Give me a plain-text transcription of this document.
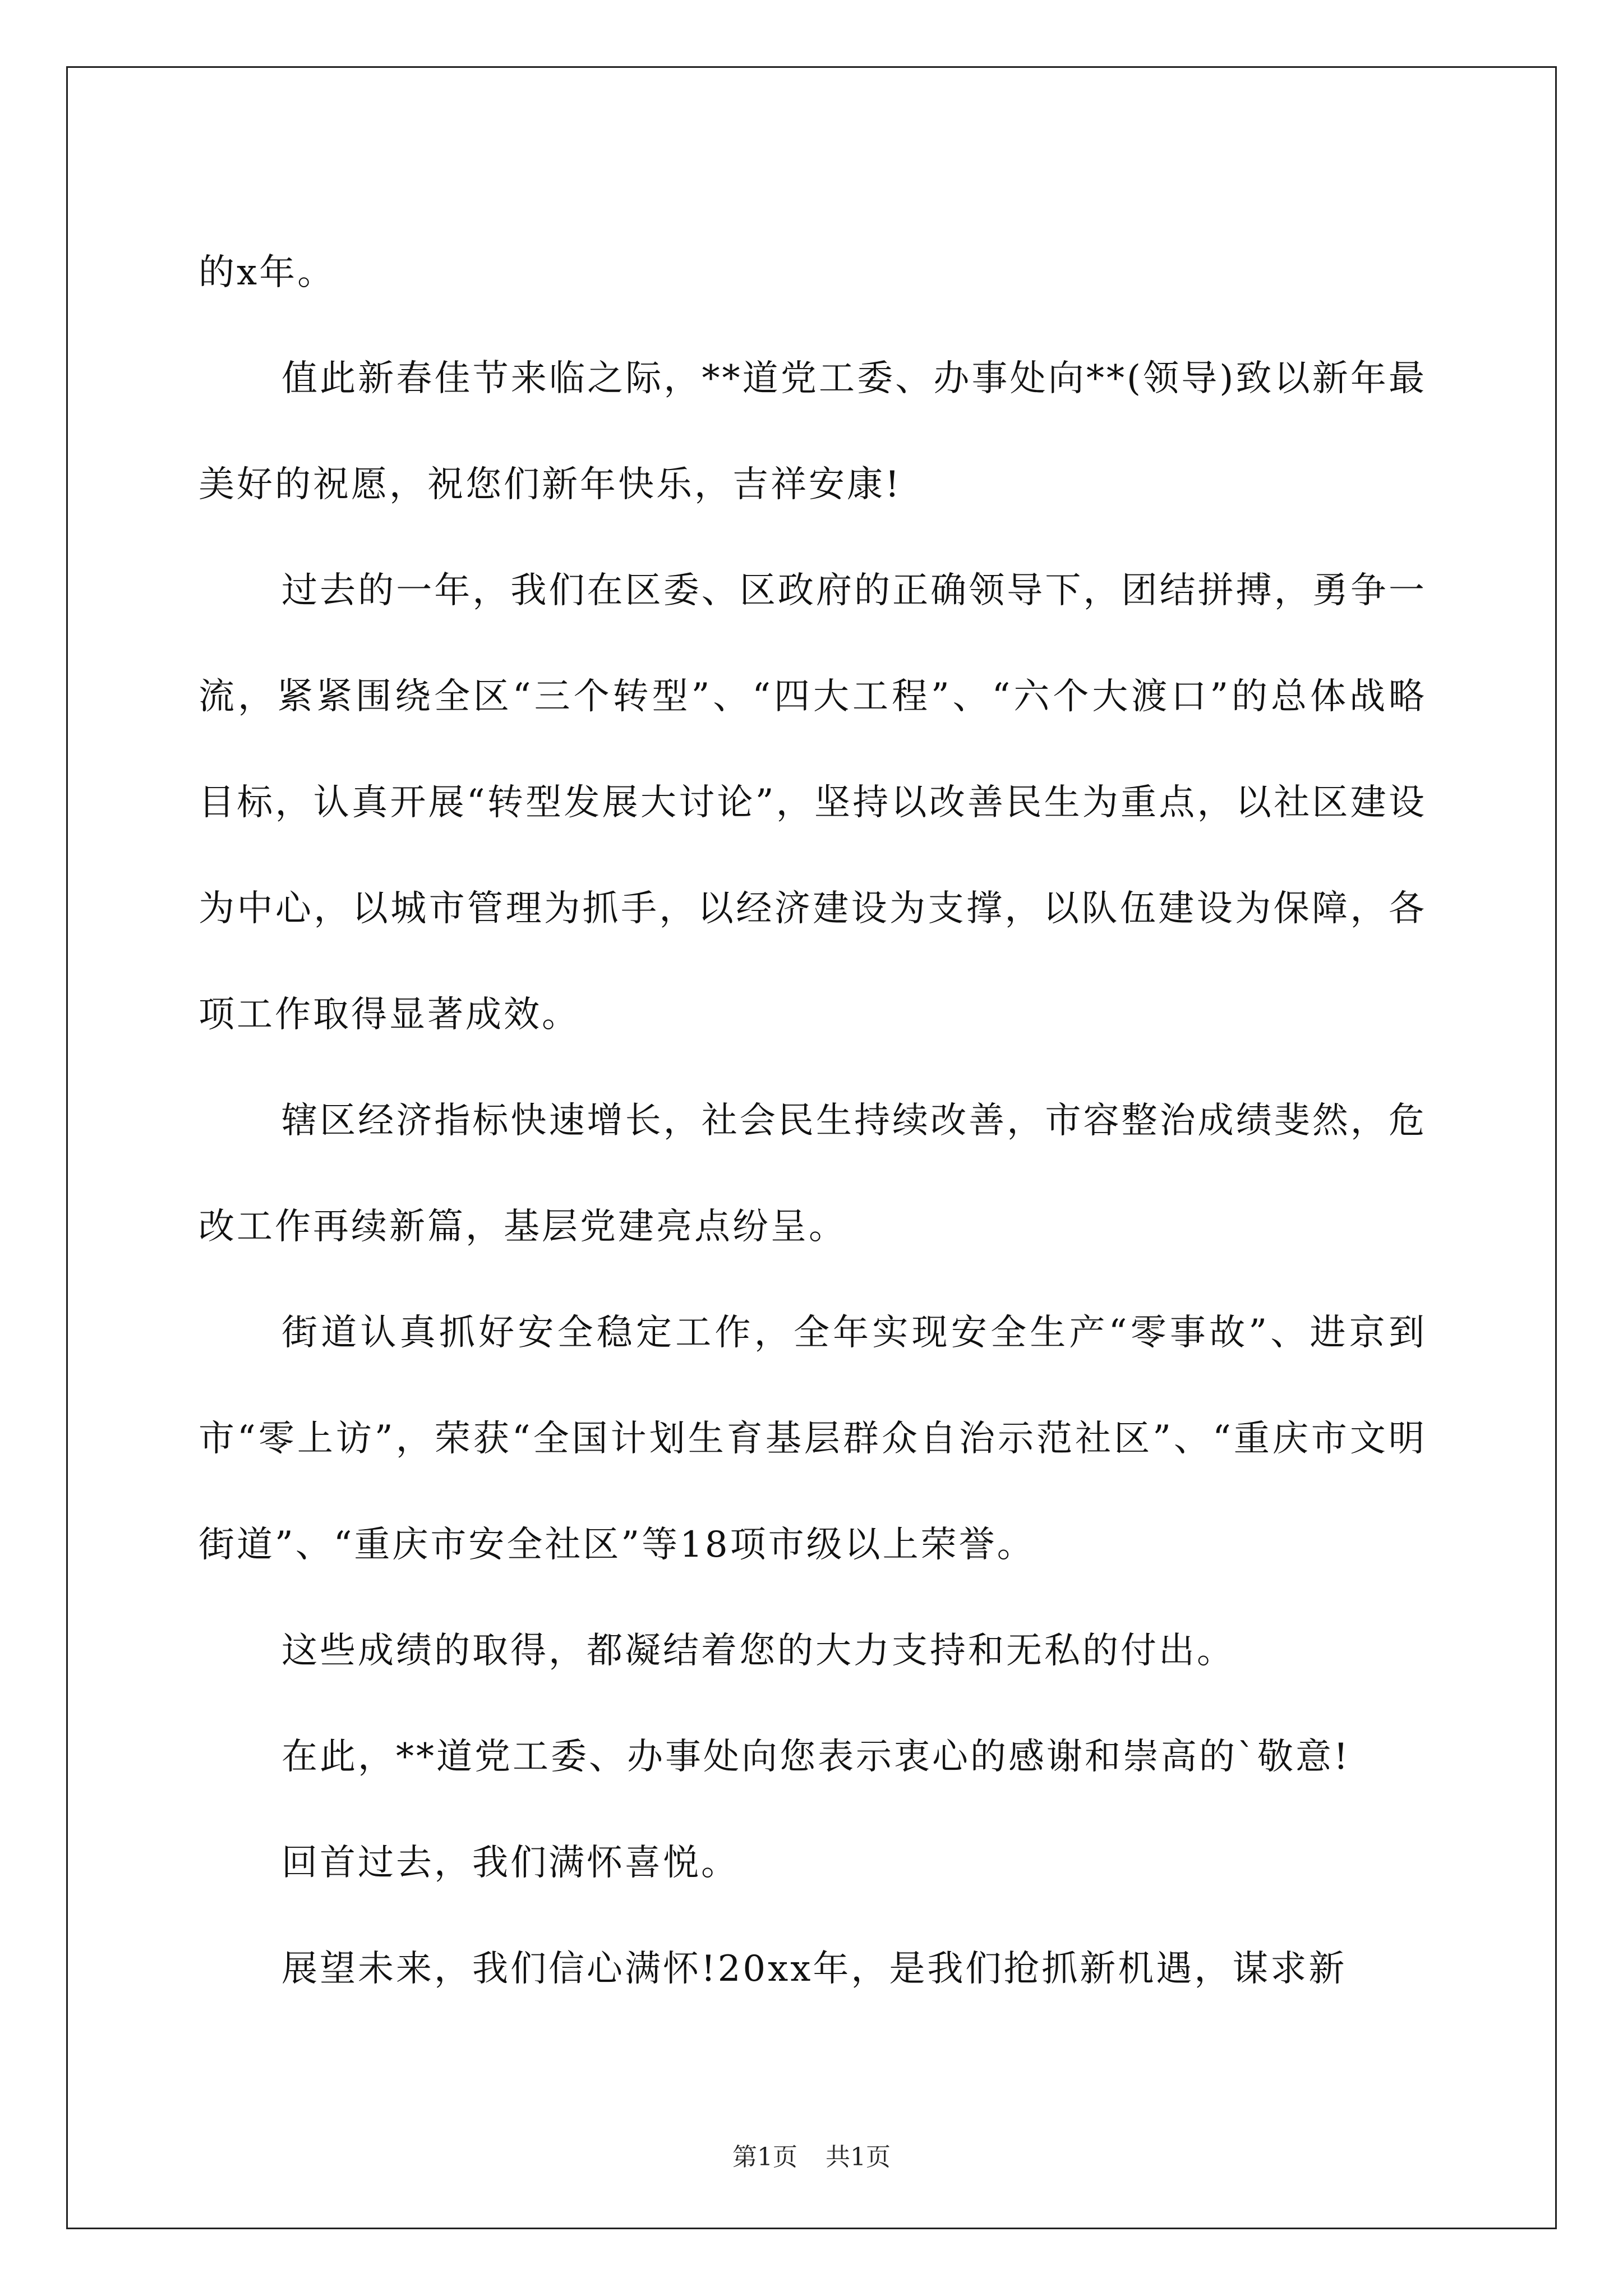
的x年。

值此新春佳节来临之际，**道党工委、办事处向**(领导)致以新年最美好的祝愿，祝您们新年快乐，吉祥安康!

过去的一年，我们在区委、区政府的正确领导下，团结拼搏，勇争一流，紧紧围绕全区“三个转型”、“四大工程”、“六个大渡口”的总体战略目标，认真开展“转型发展大讨论”，坚持以改善民生为重点，以社区建设为中心，以城市管理为抓手，以经济建设为支撑，以队伍建设为保障，各项工作取得显著成效。

辖区经济指标快速增长，社会民生持续改善，市容整治成绩斐然，危改工作再续新篇，基层党建亮点纷呈。

街道认真抓好安全稳定工作，全年实现安全生产“零事故”、进京到市“零上访”，荣获“全国计划生育基层群众自治示范社区”、“重庆市文明街道”、“重庆市安全社区”等18项市级以上荣誉。

这些成绩的取得，都凝结着您的大力支持和无私的付出。

在此，**道党工委、办事处向您表示衷心的感谢和崇高的`敬意!

回首过去，我们满怀喜悦。

展望未来，我们信心满怀!20xx年，是我们抢抓新机遇，谋求新

第1页 共1页
